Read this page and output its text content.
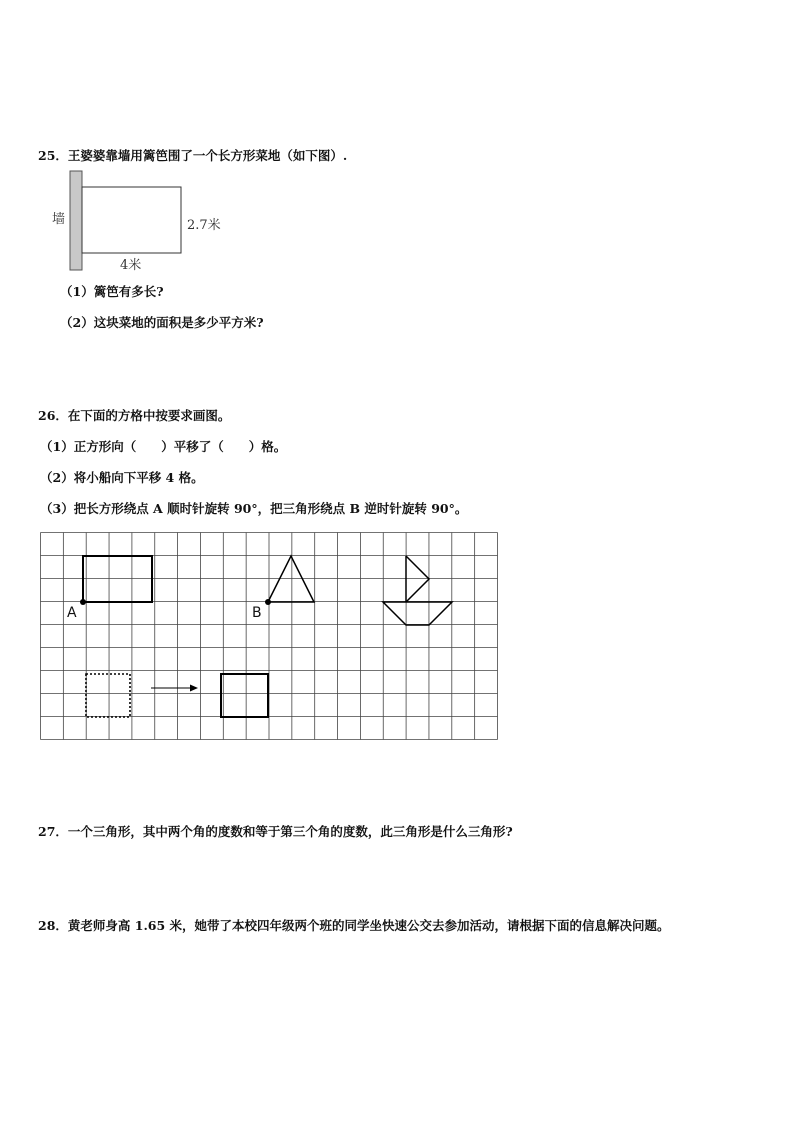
25．王婆婆靠墙用篱笆围了一个长方形菜地（如下图）.
墙	2.7米
4米
（1）篱笆有多长?
（2）这块菜地的面积是多少平方米?
26．在下面的方格中按要求画图。
（1）正方形向（　　）平移了（　　）格。
（2）将小船向下平移 4 格。
（3）把长方形绕点 A 顺时针旋转 90°，把三角形绕点 B 逆时针旋转 90°。
A	B
27．一个三角形，其中两个角的度数和等于第三个角的度数，此三角形是什么三角形?
28．黄老师身高 1.65 米，她带了本校四年级两个班的同学坐快速公交去参加活动，请根据下面的信息解决问题。
